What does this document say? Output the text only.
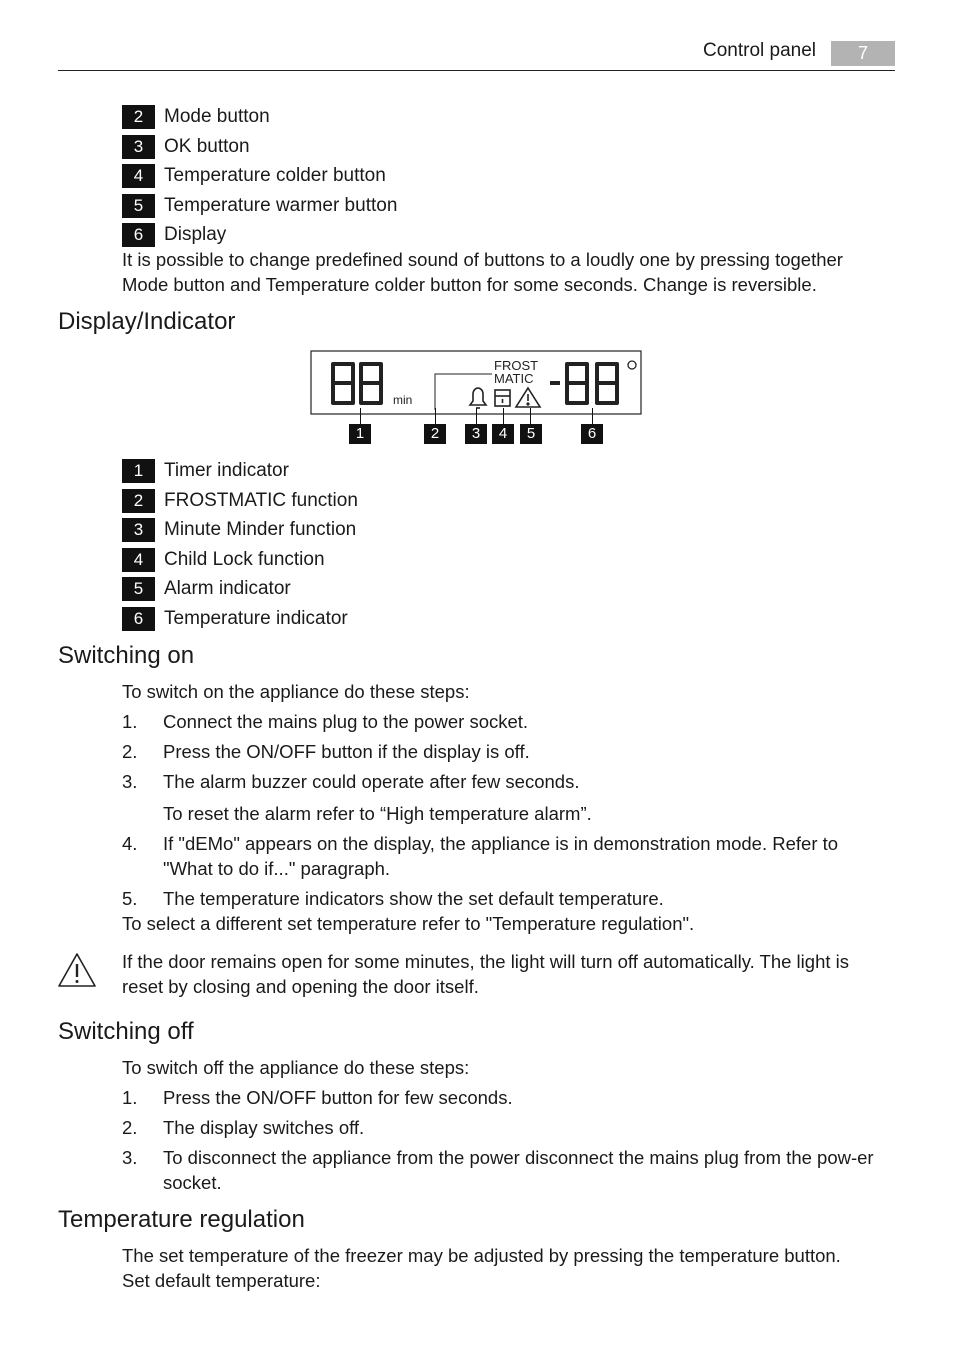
Control panel	7
2	Mode button
3	OK button
4	Temperature colder button
5	Temperature warmer button
6	Display
It is possible to change predefined sound of buttons to a loudly one by pressing together
Mode button and Temperature colder button for some seconds. Change is reversible.
Display/Indicator
min
FROST
MATIC
1	2	3	4	5	6
1	Timer indicator
2	FROSTMATIC function
3	Minute Minder function
4	Child Lock function
5	Alarm indicator
6	Temperature indicator
Switching on
To switch on the appliance do these steps:
1.	Connect the mains plug to the power socket.
2.	Press the ON/OFF button if the display is off.
3.	The alarm buzzer could operate after few seconds.
To reset the alarm refer to “High temperature alarm”.
4.	If "dEMo" appears on the display, the appliance is in demonstration mode. Refer to "What to do if..." paragraph.
5.	The temperature indicators show the set default temperature.
To select a different set temperature refer to "Temperature regulation".
If the door remains open for some minutes, the light will turn off automatically. The light is reset by closing and opening the door itself.
Switching off
To switch off the appliance do these steps:
1.	Press the ON/OFF button for few seconds.
2.	The display switches off.
3.	To disconnect the appliance from the power disconnect the mains plug from the pow-er socket.
Temperature regulation
The set temperature of the freezer may be adjusted by pressing the temperature button.
Set default temperature:
